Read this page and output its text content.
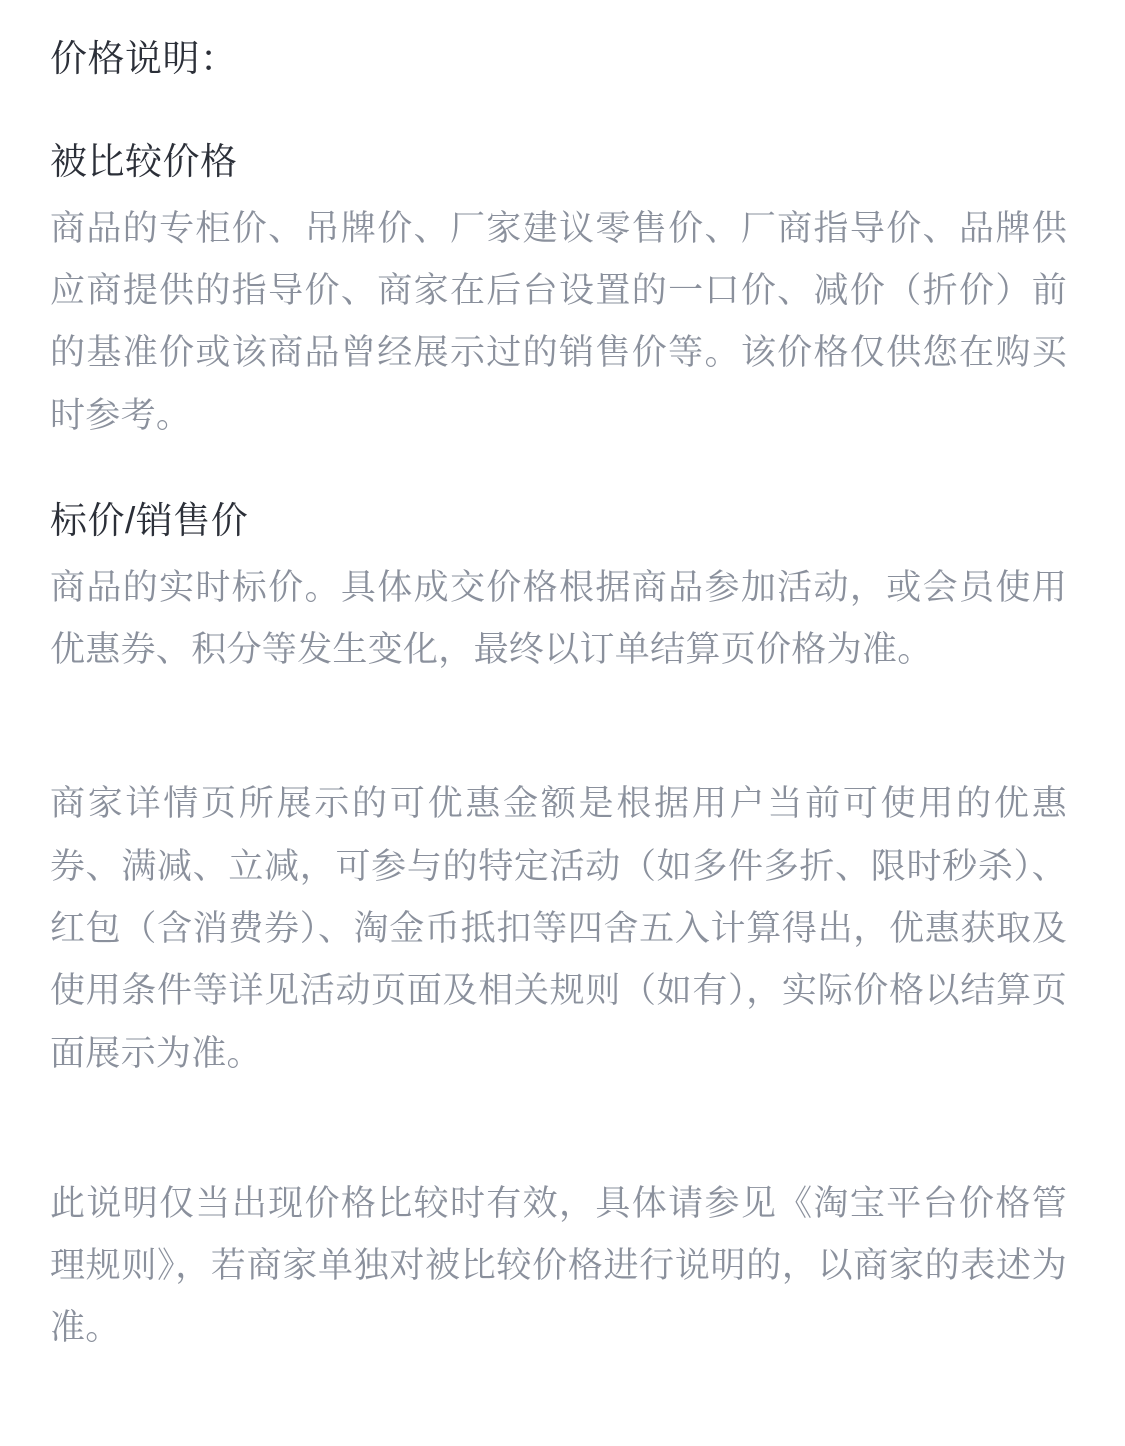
价格说明：
被比较价格

商品的专柜价、吊牌价、厂家建议零售价、厂商指导价、品牌供应商提供的指导价、商家在后台设置的一口价、减价（折价）前的基准价或该商品曾经展示过的销售价等。该价格仅供您在购买时参考。

标价/销售价

商品的实时标价。具体成交价格根据商品参加活动，或会员使用优惠券、积分等发生变化，最终以订单结算页价格为准。

商家详情页所展示的可优惠金额是根据用户当前可使用的优惠券、满减、立减，可参与的特定活动（如多件多折、限时秒杀）、红包（含消费券）、淘金币抵扣等四舍五入计算得出，优惠获取及使用条件等详见活动页面及相关规则（如有），实际价格以结算页面展示为准。

此说明仅当出现价格比较时有效，具体请参见《淘宝平台价格管理规则》，若商家单独对被比较价格进行说明的，以商家的表述为准。
